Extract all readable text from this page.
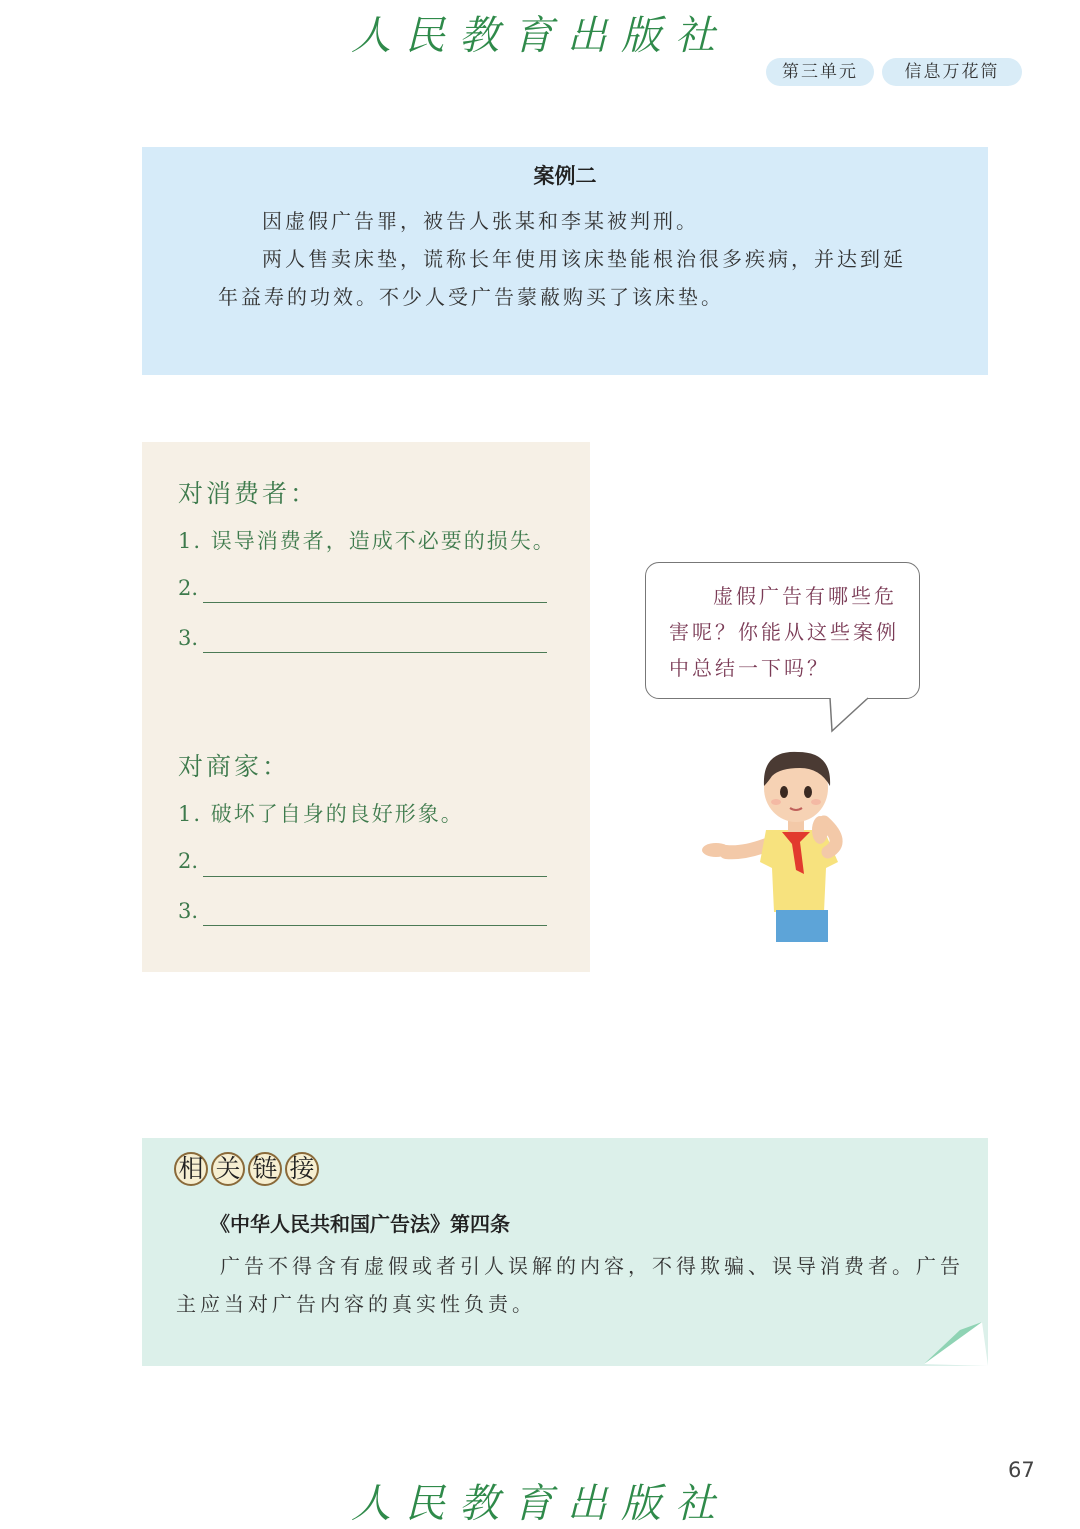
人民教育出版社
第三单元	信息万花筒
案例二

因虚假广告罪，被告人张某和李某被判刑。

两人售卖床垫，谎称长年使用该床垫能根治很多疾病，并达到延年益寿的功效。不少人受广告蒙蔽购买了该床垫。

对消费者：
1. 误导消费者，造成不必要的损失。
2.
3.
对商家：
1. 破坏了自身的良好形象。
2.
3.

虚假广告有哪些危害呢？你能从这些案例中总结一下吗？

相 关 链 接
《中华人民共和国广告法》第四条

广告不得含有虚假或者引人误解的内容，不得欺骗、误导消费者。广告主应当对广告内容的真实性负责。

67
人民教育出版社
